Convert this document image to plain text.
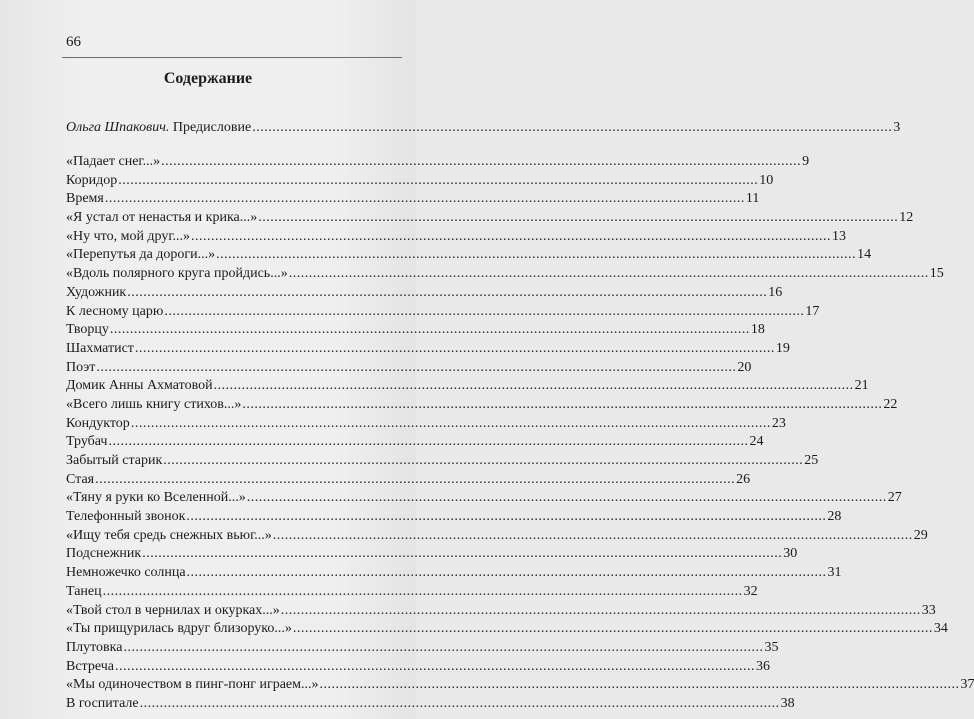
66
Содержание
Ольга Шпакович.
Предисловие ................................................................................................................................................................ 3
«Падает снег...» ................................................................................................................................................................ 9
Коридор ................................................................................................................................................................ 10
Время ................................................................................................................................................................ 11
«Я устал от ненастья и крика...» ................................................................................................................................................................ 12
«Ну что, мой друг...» ................................................................................................................................................................ 13
«Перепутья да дороги...» ................................................................................................................................................................ 14
«Вдоль полярного круга пройдись...» ................................................................................................................................................................ 15
Художник ................................................................................................................................................................ 16
К лесному царю ................................................................................................................................................................ 17
Творцу ................................................................................................................................................................ 18
Шахматист ................................................................................................................................................................ 19
Поэт ................................................................................................................................................................ 20
Домик Анны Ахматовой ................................................................................................................................................................ 21
«Всего лишь книгу стихов...» ................................................................................................................................................................ 22
Кондуктор ................................................................................................................................................................ 23
Трубач ................................................................................................................................................................ 24
Забытый старик ................................................................................................................................................................ 25
Стая ................................................................................................................................................................ 26
«Тяну я руки ко Вселенной...» ................................................................................................................................................................ 27
Телефонный звонок ................................................................................................................................................................ 28
«Ищу тебя средь снежных вьюг...» ................................................................................................................................................................ 29
Подснежник ................................................................................................................................................................ 30
Немножечко солнца ................................................................................................................................................................ 31
Танец ................................................................................................................................................................ 32
«Твой стол в чернилах и окурках...» ................................................................................................................................................................ 33
«Ты прищурилась вдруг близоруко...» ................................................................................................................................................................ 34
Плутовка ................................................................................................................................................................ 35
Встреча ................................................................................................................................................................ 36
«Мы одиночеством в пинг-понг играем...» ................................................................................................................................................................ 37
В госпитале ................................................................................................................................................................ 38
